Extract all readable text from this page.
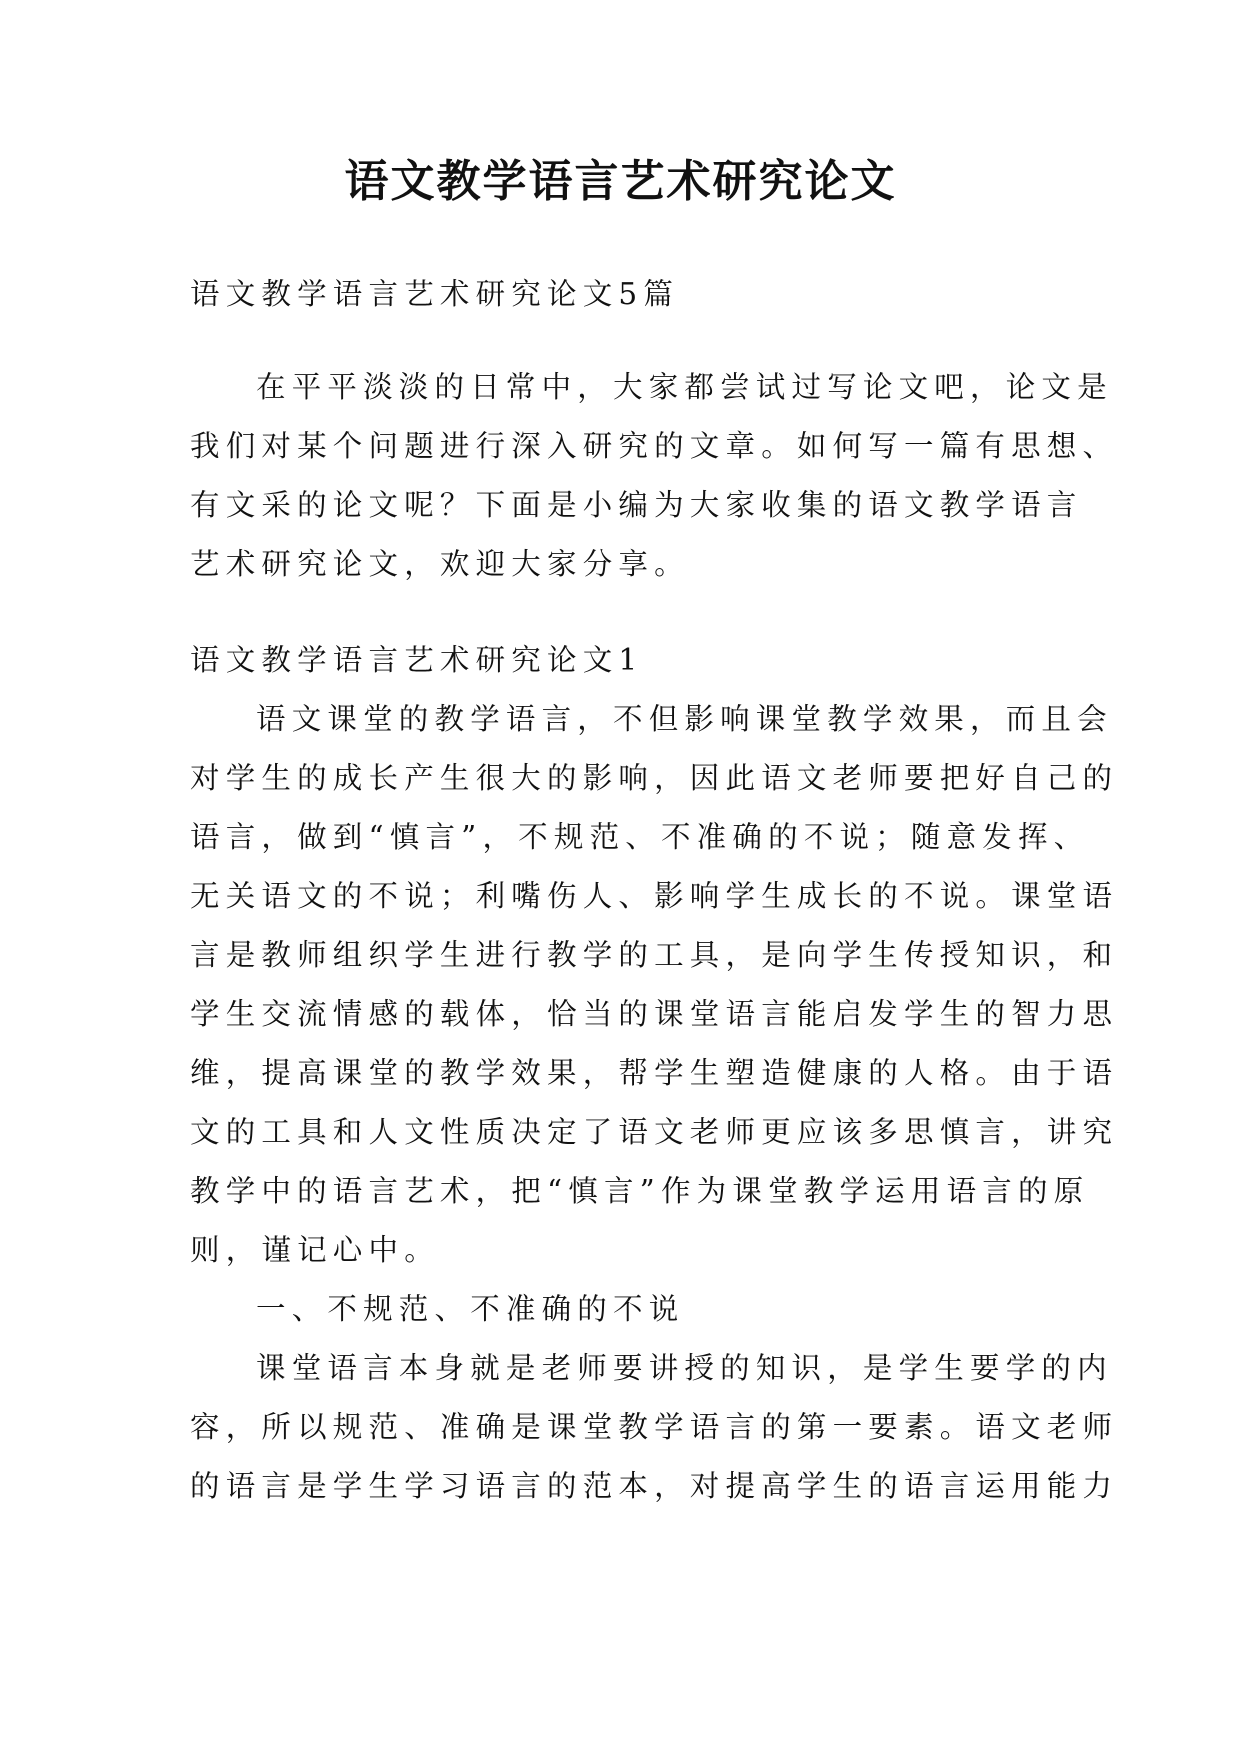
语文教学语言艺术研究论文
语文教学语言艺术研究论文5篇
在平平淡淡的日常中，大家都尝试过写论文吧，论文是
我们对某个问题进行深入研究的文章。如何写一篇有思想、
有文采的论文呢？下面是小编为大家收集的语文教学语言
艺术研究论文，欢迎大家分享。
语文教学语言艺术研究论文1
语文课堂的教学语言，不但影响课堂教学效果，而且会
对学生的成长产生很大的影响，因此语文老师要把好自己的
语言，做到“慎言”，不规范、不准确的不说；随意发挥、
无关语文的不说；利嘴伤人、影响学生成长的不说。课堂语
言是教师组织学生进行教学的工具，是向学生传授知识，和
学生交流情感的载体，恰当的课堂语言能启发学生的智力思
维，提高课堂的教学效果，帮学生塑造健康的人格。由于语
文的工具和人文性质决定了语文老师更应该多思慎言，讲究
教学中的语言艺术，把“慎言”作为课堂教学运用语言的原
则，谨记心中。
一、不规范、不准确的不说
课堂语言本身就是老师要讲授的知识，是学生要学的内
容，所以规范、准确是课堂教学语言的第一要素。语文老师
的语言是学生学习语言的范本，对提高学生的语言运用能力
